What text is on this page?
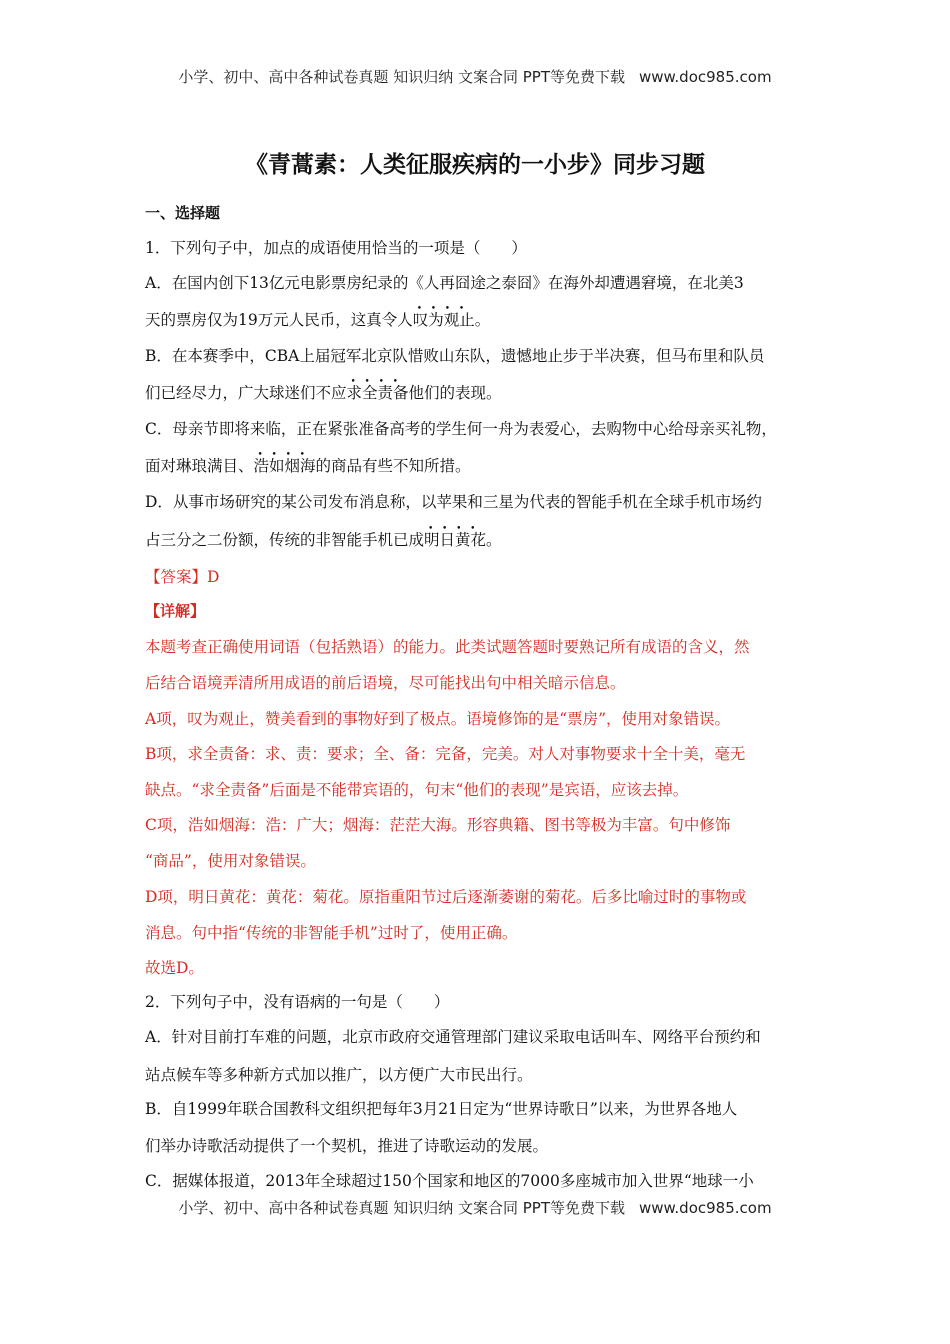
小学、初中、高中各种试卷真题 知识归纳 文案合同 PPT等免费下载 www.doc985.com
《青蒿素：人类征服疾病的一小步》同步习题
一、选择题
1．下列句子中，加点的成语使用恰当的一项是（　　）
A．在国内创下13亿元电影票房纪录的《人再囧途之泰囧》在海外却遭遇窘境，在北美3
天的票房仅为19万元人民币，这真令人•  • 叹为观止。
B．在本赛季中，CBA上届冠军北京队惜败山东队，遗憾地止步于半决赛，但马布里和队员
们已经尽力，广大球迷们不应•  • 求全责备他们的表现。
C．母亲节即将来临，正在紧张准备高考的学生何一舟为表爱心，去购物中心给母亲买礼物，
面对琳琅满目、•  • 浩如烟海的商品有些不知所措。
D．从事市场研究的某公司发布消息称，以苹果和三星为代表的智能手机在全球手机市场约
占三分之二份额，传统的非智能手机已成•  • 明日黄花。
【答案】D
【详解】
本题考查正确使用词语（包括熟语）的能力。此类试题答题时要熟记所有成语的含义，然
后结合语境弄清所用成语的前后语境，尽可能找出句中相关暗示信息。
A项，叹为观止，赞美看到的事物好到了极点。语境修饰的是“票房”，使用对象错误。
B项，求全责备：求、责：要求；全、备：完备，完美。对人对事物要求十全十美，毫无
缺点。“求全责备”后面是不能带宾语的，句末“他们的表现”是宾语，应该去掉。
C项，浩如烟海：浩：广大；烟海：茫茫大海。形容典籍、图书等极为丰富。句中修饰
“商品”，使用对象错误。
D项，明日黄花：黄花：菊花。原指重阳节过后逐渐萎谢的菊花。后多比喻过时的事物或
消息。句中指“传统的非智能手机”过时了，使用正确。
故选D。
2．下列句子中，没有语病的一句是（　　）
A．针对目前打车难的问题，北京市政府交通管理部门建议采取电话叫车、网络平台预约和
站点候车等多种新方式加以推广，以方便广大市民出行。
B．自1999年联合国教科文组织把每年3月21日定为“世界诗歌日”以来，为世界各地人
们举办诗歌活动提供了一个契机，推进了诗歌运动的发展。
C．据媒体报道，2013年全球超过150个国家和地区的7000多座城市加入世界“地球一小
小学、初中、高中各种试卷真题 知识归纳 文案合同 PPT等免费下载 www.doc985.com
